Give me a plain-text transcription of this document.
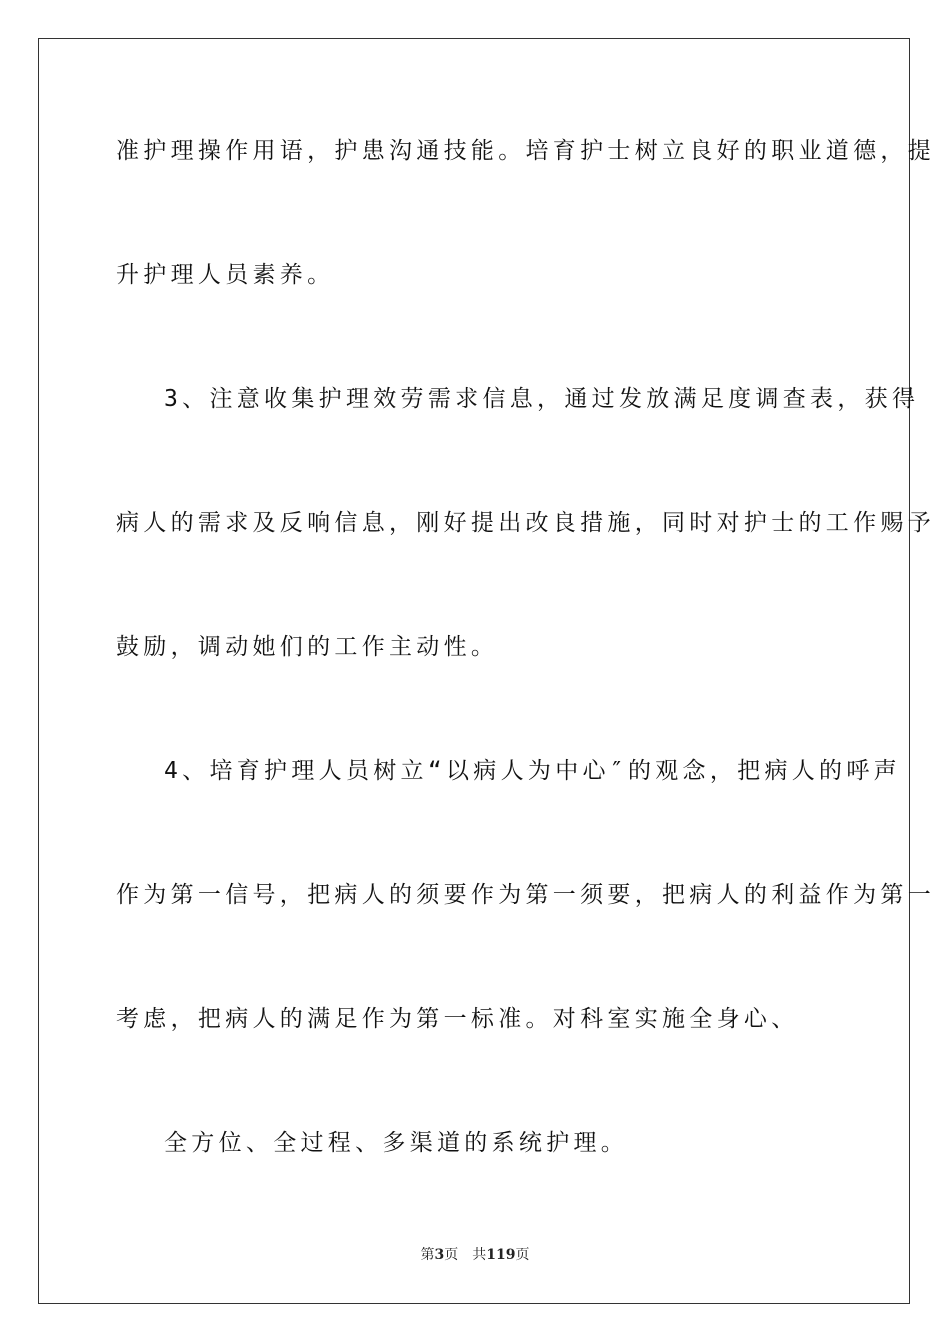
准护理操作用语，护患沟通技能。培育护士树立良好的职业道德，提
升护理人员素养。
3、注意收集护理效劳需求信息，通过发放满足度调查表，获得
病人的需求及反响信息，刚好提出改良措施，同时对护士的工作赐予
鼓励，调动她们的工作主动性。
4、培育护理人员树立“以病人为中心″的观念，把病人的呼声
作为第一信号，把病人的须要作为第一须要，把病人的利益作为第一
考虑，把病人的满足作为第一标准。对科室实施全身心、
全方位、全过程、多渠道的系统护理。
第3页 共119页
